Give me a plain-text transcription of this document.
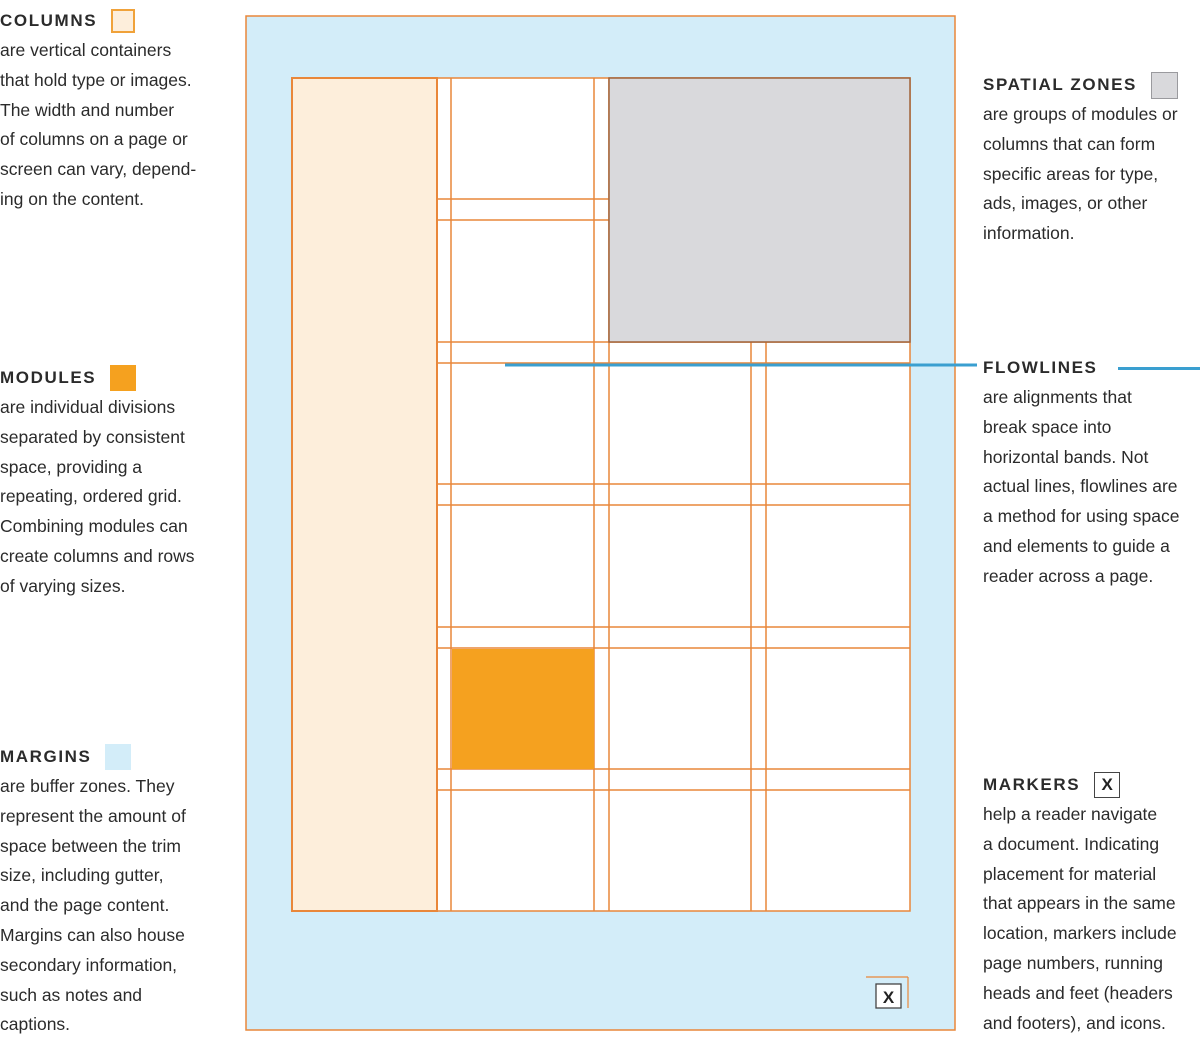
X
COLUMNS
are vertical containers
that hold type or images.
The width and number
of columns on a page or
screen can vary, depend-
ing on the content.
MODULES
are individual divisions
separated by consistent
space, providing a
repeating, ordered grid.
Combining modules can
create columns and rows
of varying sizes.
MARGINS
are buffer zones. They
represent the amount of
space between the trim
size, including gutter,
and the page content.
Margins can also house
secondary information,
such as notes and
captions.
SPATIAL ZONES
are groups of modules or
columns that can form
specific areas for type,
ads, images, or other
information.
FLOWLINES
are alignments that
break space into
horizontal bands. Not
actual lines, flowlines are
a method for using space
and elements to guide a
reader across a page.
MARKERS	X
help a reader navigate
a document. Indicating
placement for material
that appears in the same
location, markers include
page numbers, running
heads and feet (headers
and footers), and icons.
